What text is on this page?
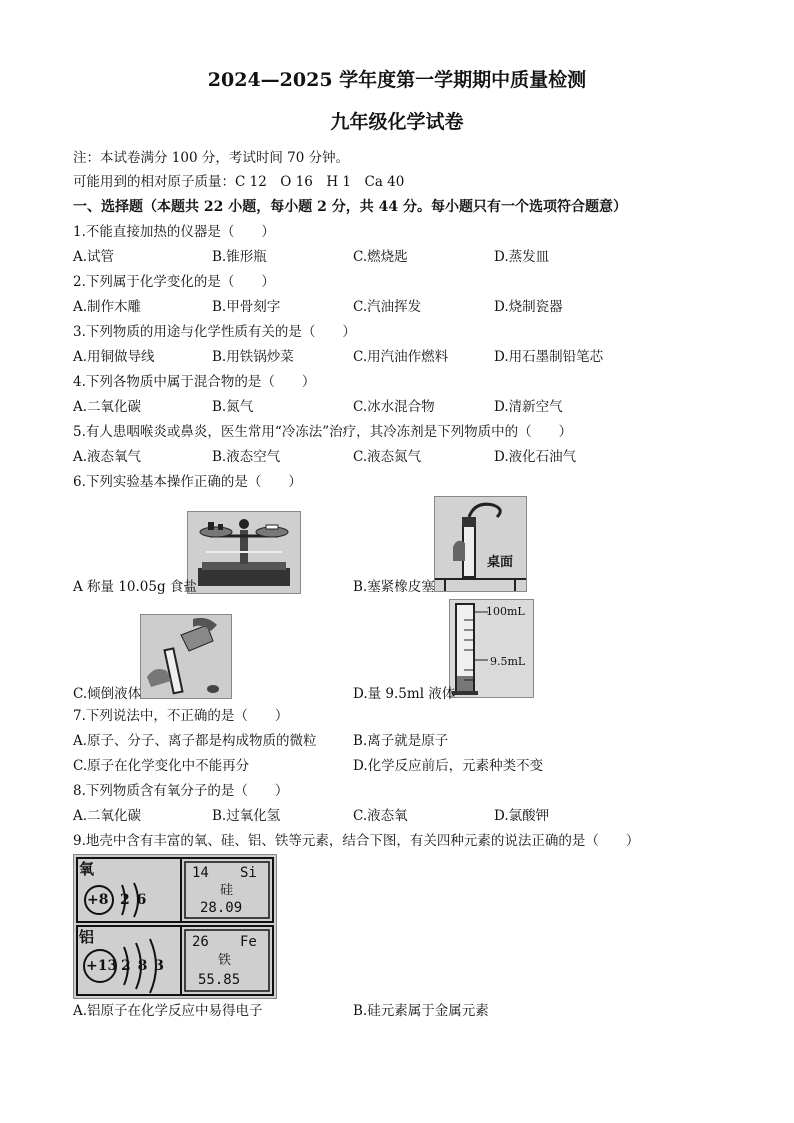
2024—2025 学年度第一学期期中质量检测
九年级化学试卷
注：本试卷满分 100 分，考试时间 70 分钟。
可能用到的相对原子质量：C 12　O 16　H 1　Ca 40
一、选择题（本题共 22 小题，每小题 2 分，共 44 分。每小题只有一个选项符合题意）
1.不能直接加热的仪器是（　　）
A.试管	B.锥形瓶	C.燃烧匙	D.蒸发皿
2.下列属于化学变化的是（　　）
A.制作木雕	B.甲骨刻字	C.汽油挥发	D.烧制瓷器
3.下列物质的用途与化学性质有关的是（　　）
A.用铜做导线	B.用铁锅炒菜	C.用汽油作燃料	D.用石墨制铅笔芯
4.下列各物质中属于混合物的是（　　）
A.二氧化碳	B.氮气	C.冰水混合物	D.清新空气
5.有人患咽喉炎或鼻炎，医生常用“冷冻法”治疗，其冷冻剂是下列物质中的（　　）
A.液态氧气	B.液态空气	C.液态氮气	D.液化石油气
6.下列实验基本操作正确的是（　　）
A 称量 10.05g 食盐
桌面
B.塞紧橡皮塞
C.倾倒液体
100mL
9.5mL
D.量 9.5ml 液体
7.下列说法中，不正确的是（　　）
A.原子、分子、离子都是构成物质的微粒	B.离子就是原子
C.原子在化学变化中不能再分	D.化学反应前后，元素种类不变
8.下列物质含有氧分子的是（　　）
A.二氧化碳	B.过氧化氢	C.液态氧	D.氯酸钾
9.地壳中含有丰富的氧、硅、铝、铁等元素，结合下图，有关四种元素的说法正确的是（　　）
氧
+8 2 6
铝
+13 2 8 3
14 Si
硅
28.09
26 Fe
铁
55.85
A.铝原子在化学反应中易得电子	B.硅元素属于金属元素
